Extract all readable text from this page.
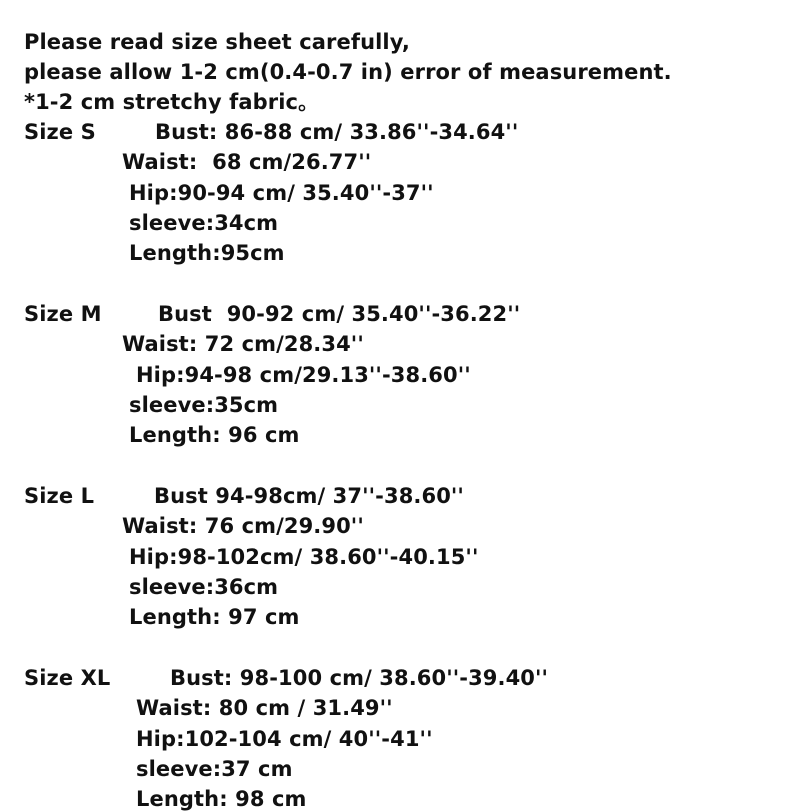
Please read size sheet carefully,
please allow 1-2 cm(0.4-0.7 in) error of measurement.
*1-2 cm stretchy fabric。
Size S	Bust: 86-88 cm/ 33.86''-34.64''
Waist:  68 cm/26.77''
Hip:90-94 cm/ 35.40''-37''
sleeve:34cm
Length:95cm
Size M	Bust  90-92 cm/ 35.40''-36.22''
Waist: 72 cm/28.34''
Hip:94-98 cm/29.13''-38.60''
sleeve:35cm
Length: 96 cm
Size L	Bust 94-98cm/ 37''-38.60''
Waist: 76 cm/29.90''
Hip:98-102cm/ 38.60''-40.15''
sleeve:36cm
Length: 97 cm
Size XL	Bust: 98-100 cm/ 38.60''-39.40''
Waist: 80 cm / 31.49''
Hip:102-104 cm/ 40''-41''
sleeve:37 cm
Length: 98 cm
